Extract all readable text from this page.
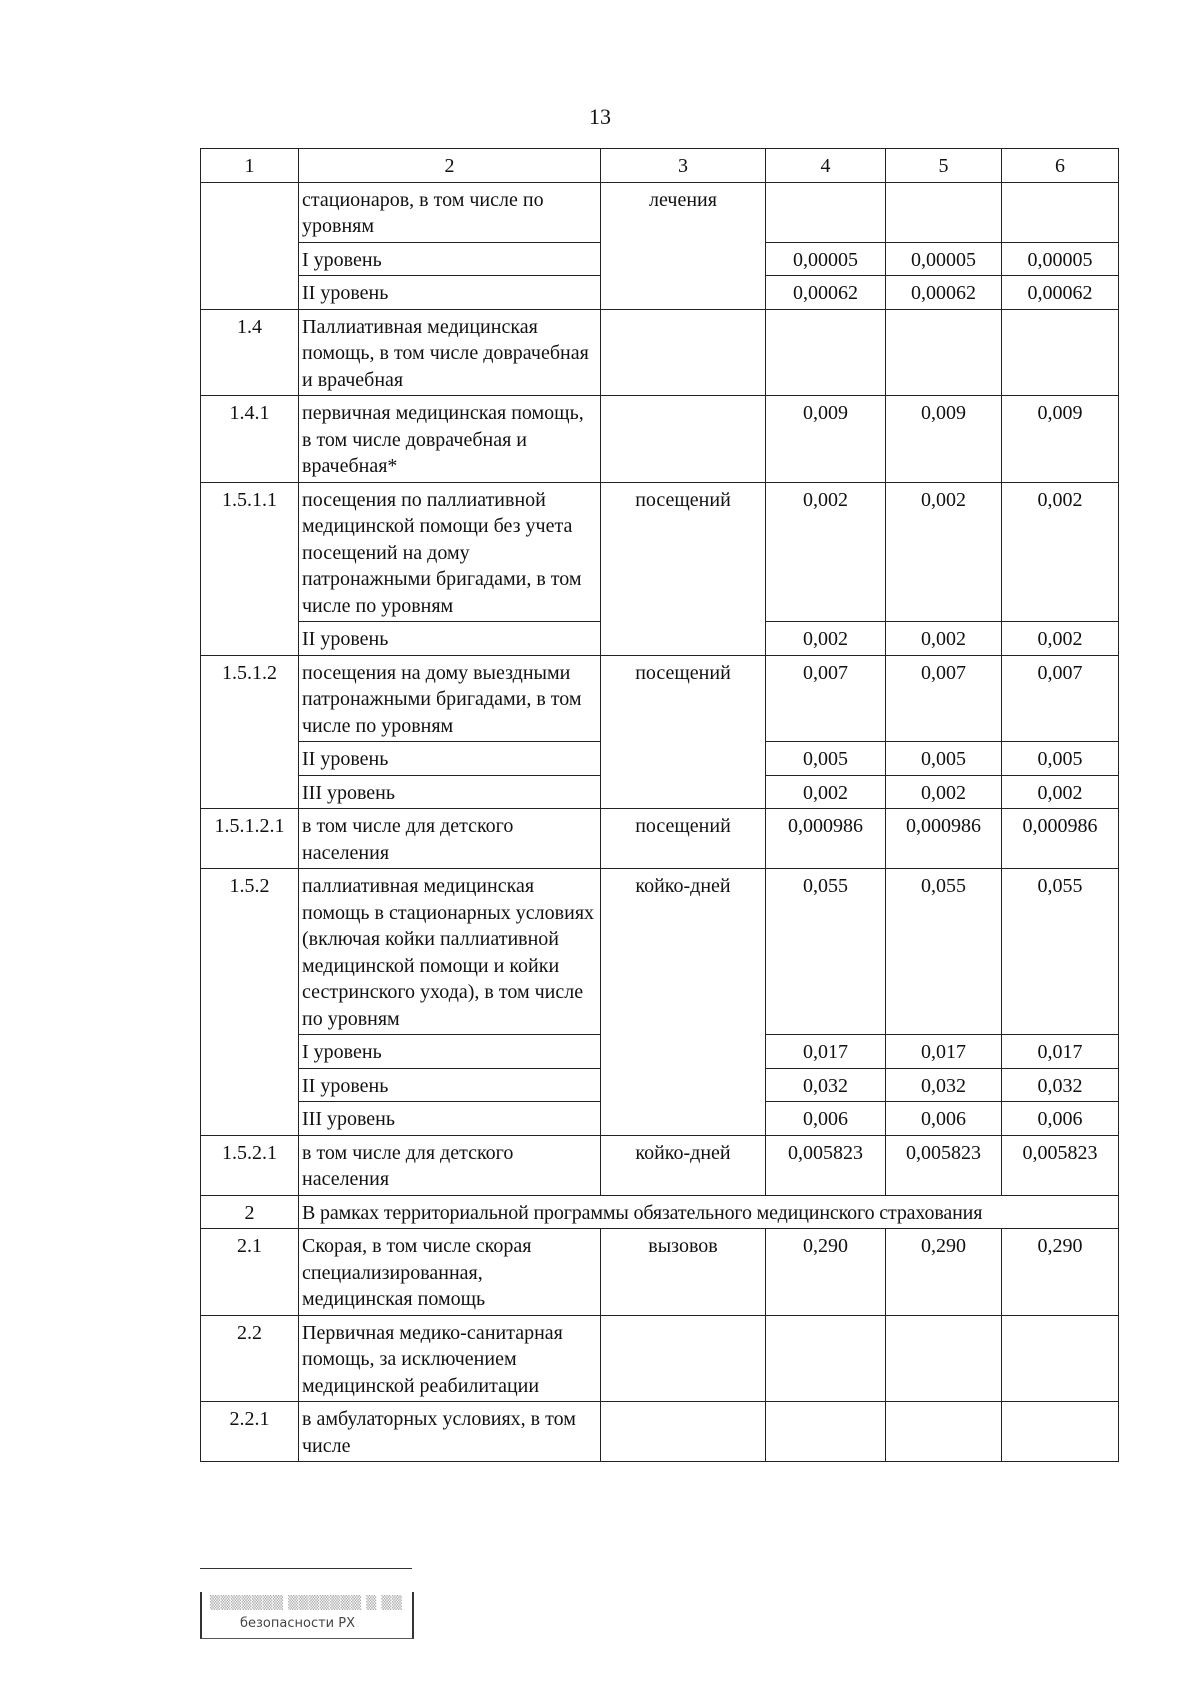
13
1	2	3	4	5	6
	стационаров, в том числе по уровням	лечения			
	I уровень		0,00005	0,00005	0,00005
	II уровень		0,00062	0,00062	0,00062
1.4	Паллиативная медицинская помощь, в том числе доврачебная и врачебная				
1.4.1	первичная медицинская помощь, в том числе доврачебная и врачебная*		0,009	0,009	0,009
1.5.1.1	посещения по паллиативной медицинской помощи без учета посещений на дому патронажными бригадами, в том числе по уровням	посещений	0,002	0,002	0,002
	II уровень		0,002	0,002	0,002
1.5.1.2	посещения на дому выездными патронажными бригадами, в том числе по уровням	посещений	0,007	0,007	0,007
	II уровень		0,005	0,005	0,005
	III уровень		0,002	0,002	0,002
1.5.1.2.1	в том числе для детского населения	посещений	0,000986	0,000986	0,000986
1.5.2	паллиативная медицинская помощь в стационарных условиях (включая койки паллиативной медицинской помощи и койки сестринского ухода), в том числе по уровням	койко-дней	0,055	0,055	0,055
	I уровень		0,017	0,017	0,017
	II уровень		0,032	0,032	0,032
	III уровень		0,006	0,006	0,006
1.5.2.1	в том числе для детского населения	койко-дней	0,005823	0,005823	0,005823
2	В рамках территориальной программы обязательного медицинского страхования				
2.1	Скорая, в том числе скорая специализированная, медицинская помощь	вызовов	0,290	0,290	0,290
2.2	Первичная медико-санитарная помощь, за исключением медицинской реабилитации				
2.2.1	в амбулаторных условиях, в том числе				
▒▒▒▒▒▒▒ ▒▒▒▒▒▒▒ ▒ ▒▒
безопасности РХ
